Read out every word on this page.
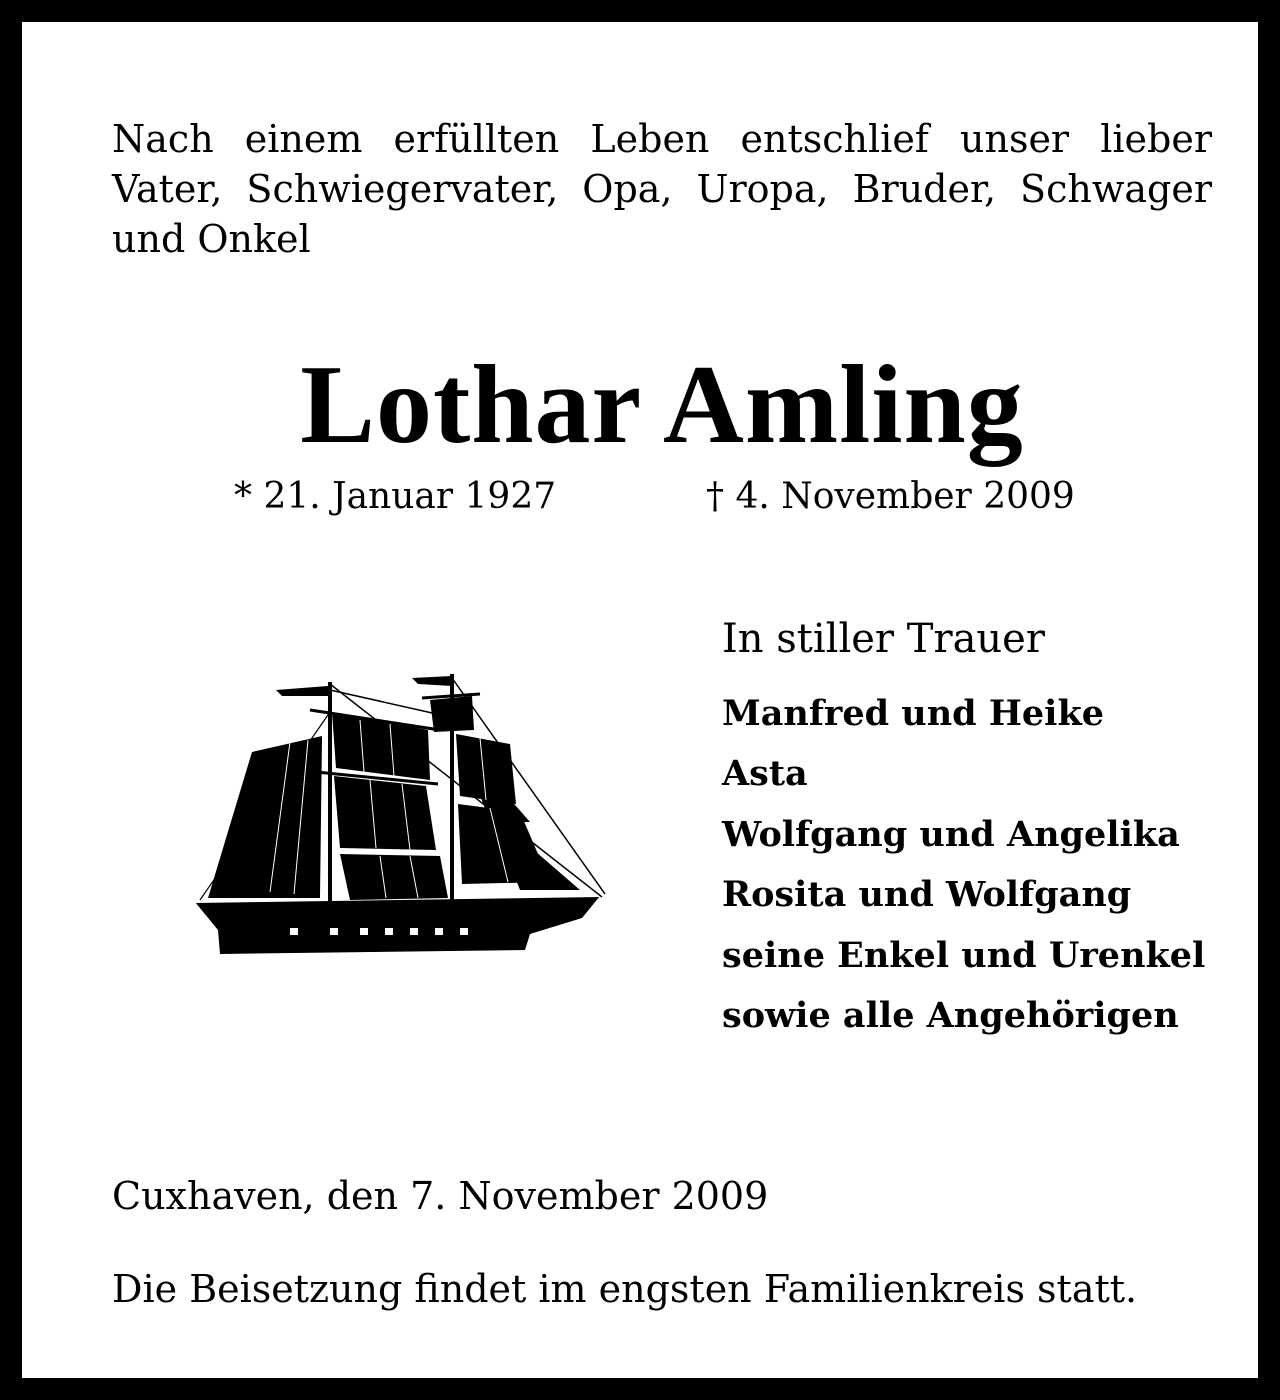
Nach einem erfüllten Leben entschlief unser lieber
Vater, Schwiegervater, Opa, Uropa, Bruder, Schwager
und Onkel
Lothar Amling
* 21. Januar 1927	† 4. November 2009
In stiller Trauer
Manfred und Heike
Asta
Wolfgang und Angelika
Rosita und Wolfgang
seine Enkel und Urenkel
sowie alle Angehörigen
Cuxhaven, den 7. November 2009
Die Beisetzung findet im engsten Familienkreis statt.
